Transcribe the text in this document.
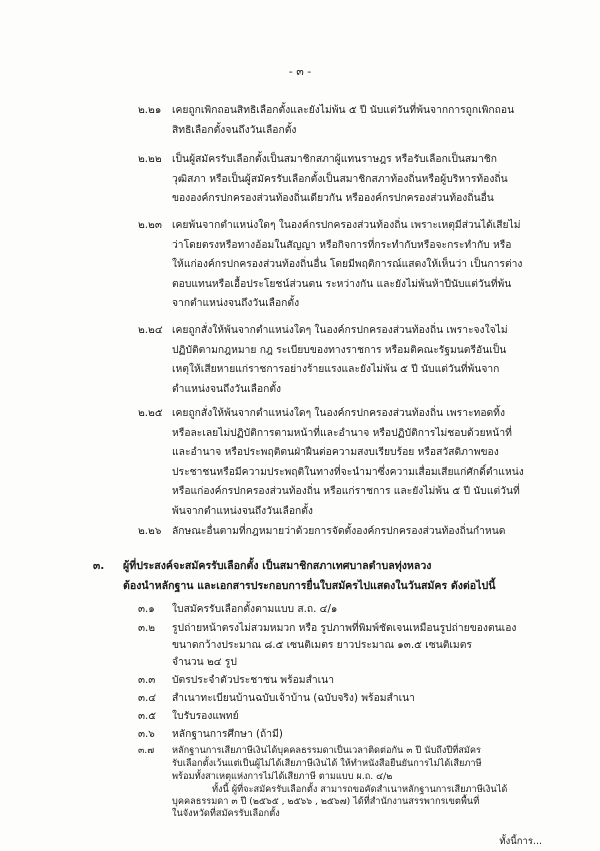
- ๓ -
๒.๒๑ เคยถูกเพิกถอนสิทธิเลือกตั้งและยังไม่พ้น ๕ ปี นับแต่วันที่พ้นจากการถูกเพิกถอน
สิทธิเลือกตั้งจนถึงวันเลือกตั้ง
๒.๒๒ เป็นผู้สมัครรับเลือกตั้งเป็นสมาชิกสภาผู้แทนราษฎร หรือรับเลือกเป็นสมาชิก
วุฒิสภา หรือเป็นผู้สมัครรับเลือกตั้งเป็นสมาชิกสภาท้องถิ่นหรือผู้บริหารท้องถิ่น
ขององค์กรปกครองส่วนท้องถิ่นเดียวกัน หรือองค์กรปกครองส่วนท้องถิ่นอื่น
๒.๒๓ เคยพ้นจากตำแหน่งใดๆ ในองค์กรปกครองส่วนท้องถิ่น เพราะเหตุมีส่วนได้เสียไม่
ว่าโดยตรงหรือทางอ้อมในสัญญา หรือกิจการที่กระทำกับหรือจะกระทำกับ หรือ
ให้แก่องค์กรปกครองส่วนท้องถิ่นอื่น โดยมีพฤติการณ์แสดงให้เห็นว่า เป็นการต่าง
ตอบแทนหรือเอื้อประโยชน์ส่วนตน ระหว่างกัน และยังไม่พ้นห้าปีนับแต่วันที่พ้น
จากตำแหน่งจนถึงวันเลือกตั้ง
๒.๒๔ เคยถูกสั่งให้พ้นจากตำแหน่งใดๆ ในองค์กรปกครองส่วนท้องถิ่น เพราะจงใจไม่
ปฏิบัติตามกฎหมาย กฎ ระเบียบของทางราชการ หรือมติคณะรัฐมนตรีอันเป็น
เหตุให้เสียหายแก่ราชการอย่างร้ายแรงและยังไม่พ้น ๕ ปี นับแต่วันที่พ้นจาก
ตำแหน่งจนถึงวันเลือกตั้ง
๒.๒๕ เคยถูกสั่งให้พ้นจากตำแหน่งใดๆ ในองค์กรปกครองส่วนท้องถิ่น เพราะทอดทิ้ง
หรือละเลยไม่ปฏิบัติการตามหน้าที่และอำนาจ หรือปฏิบัติการไม่ชอบด้วยหน้าที่
และอำนาจ หรือประพฤติตนฝ่าฝืนต่อความสงบเรียบร้อย หรือสวัสดิภาพของ
ประชาชนหรือมีความประพฤติในทางที่จะนำมาซึ่งความเสื่อมเสียแก่ศักดิ์ตำแหน่ง
หรือแก่องค์กรปกครองส่วนท้องถิ่น หรือแก่ราชการ และยังไม่พ้น ๕ ปี นับแต่วันที่
พ้นจากตำแหน่งจนถึงวันเลือกตั้ง
๒.๒๖ ลักษณะอื่นตามที่กฎหมายว่าด้วยการจัดตั้งองค์กรปกครองส่วนท้องถิ่นกำหนด
๓. ผู้ที่ประสงค์จะสมัครรับเลือกตั้ง เป็นสมาชิกสภาเทศบาลตำบลทุ่งหลวง
ต้องนำหลักฐาน และเอกสารประกอบการยื่นใบสมัครไปแสดงในวันสมัคร ดังต่อไปนี้
๓.๑ ใบสมัครรับเลือกตั้งตามแบบ ส.ถ. ๔/๑
๓.๒ รูปถ่ายหน้าตรงไม่สวมหมวก หรือ รูปภาพที่พิมพ์ชัดเจนเหมือนรูปถ่ายของตนเอง
ขนาดกว้างประมาณ ๘.๕ เซนติเมตร ยาวประมาณ ๑๓.๕ เซนติเมตร
จำนวน ๒๔ รูป
๓.๓ บัตรประจำตัวประชาชน พร้อมสำเนา
๓.๔ สำเนาทะเบียนบ้านฉบับเจ้าบ้าน (ฉบับจริง) พร้อมสำเนา
๓.๕ ใบรับรองแพทย์
๓.๖ หลักฐานการศึกษา (ถ้ามี)
๓.๗ หลักฐานการเสียภาษีเงินได้บุคคลธรรมดาเป็นเวลาติดต่อกัน ๓ ปี นับถึงปีที่สมัคร
รับเลือกตั้งเว้นแต่เป็นผู้ไม่ได้เสียภาษีเงินได้ ให้ทำหนังสือยืนยันการไม่ได้เสียภาษี
พร้อมทั้งสาเหตุแห่งการไม่ได้เสียภาษี ตามแบบ ผ.ถ. ๔/๒
ทั้งนี้ ผู้ที่จะสมัครรับเลือกตั้ง สามารถขอคัดสำเนาหลักฐานการเสียภาษีเงินได้
บุคคลธรรมดา ๓ ปี (๒๕๖๕ , ๒๕๖๖ , ๒๕๖๗) ได้ที่สำนักงานสรรพากรเขตพื้นที่
ในจังหวัดที่สมัครรับเลือกตั้ง
ทั้งนี้การ...
